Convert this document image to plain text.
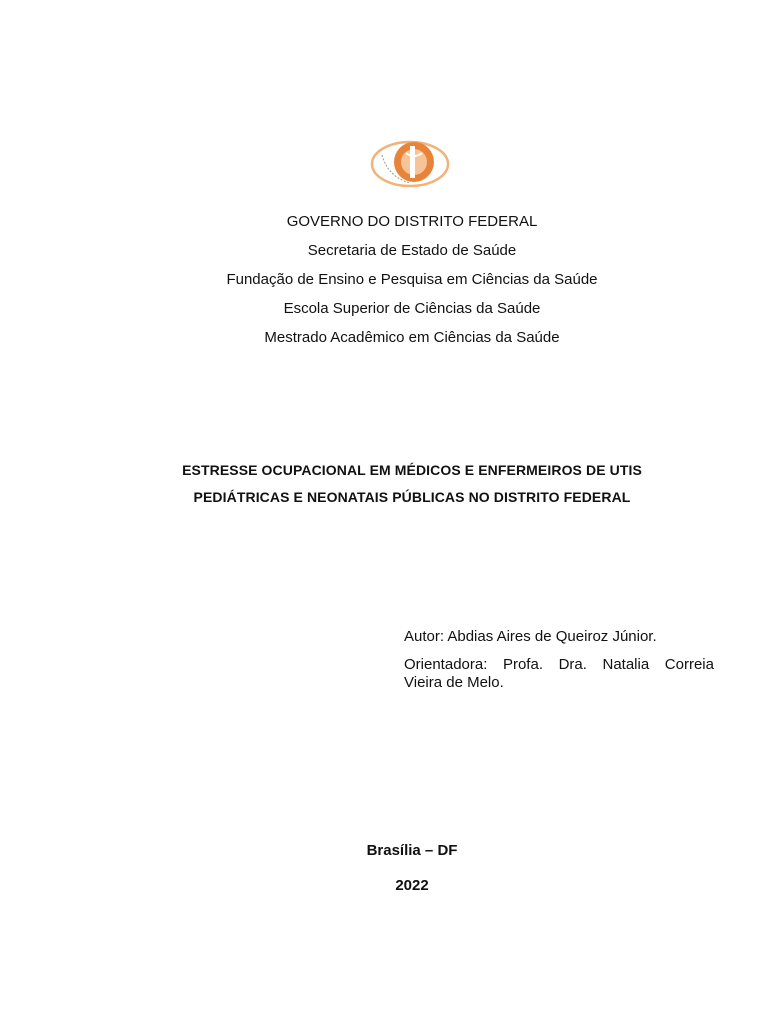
GOVERNO DO DISTRITO FEDERAL
Secretaria de Estado de Saúde
Fundação de Ensino e Pesquisa em Ciências da Saúde
Escola Superior de Ciências da Saúde
Mestrado Acadêmico em Ciências da Saúde
ESTRESSE OCUPACIONAL EM MÉDICOS E ENFERMEIROS DE UTIS
PEDIÁTRICAS E NEONATAIS PÚBLICAS NO DISTRITO FEDERAL
Autor: Abdias Aires de Queiroz Júnior.
Orientadora: Profa. Dra. Natalia Correia
Vieira de Melo.
Brasília – DF
2022
